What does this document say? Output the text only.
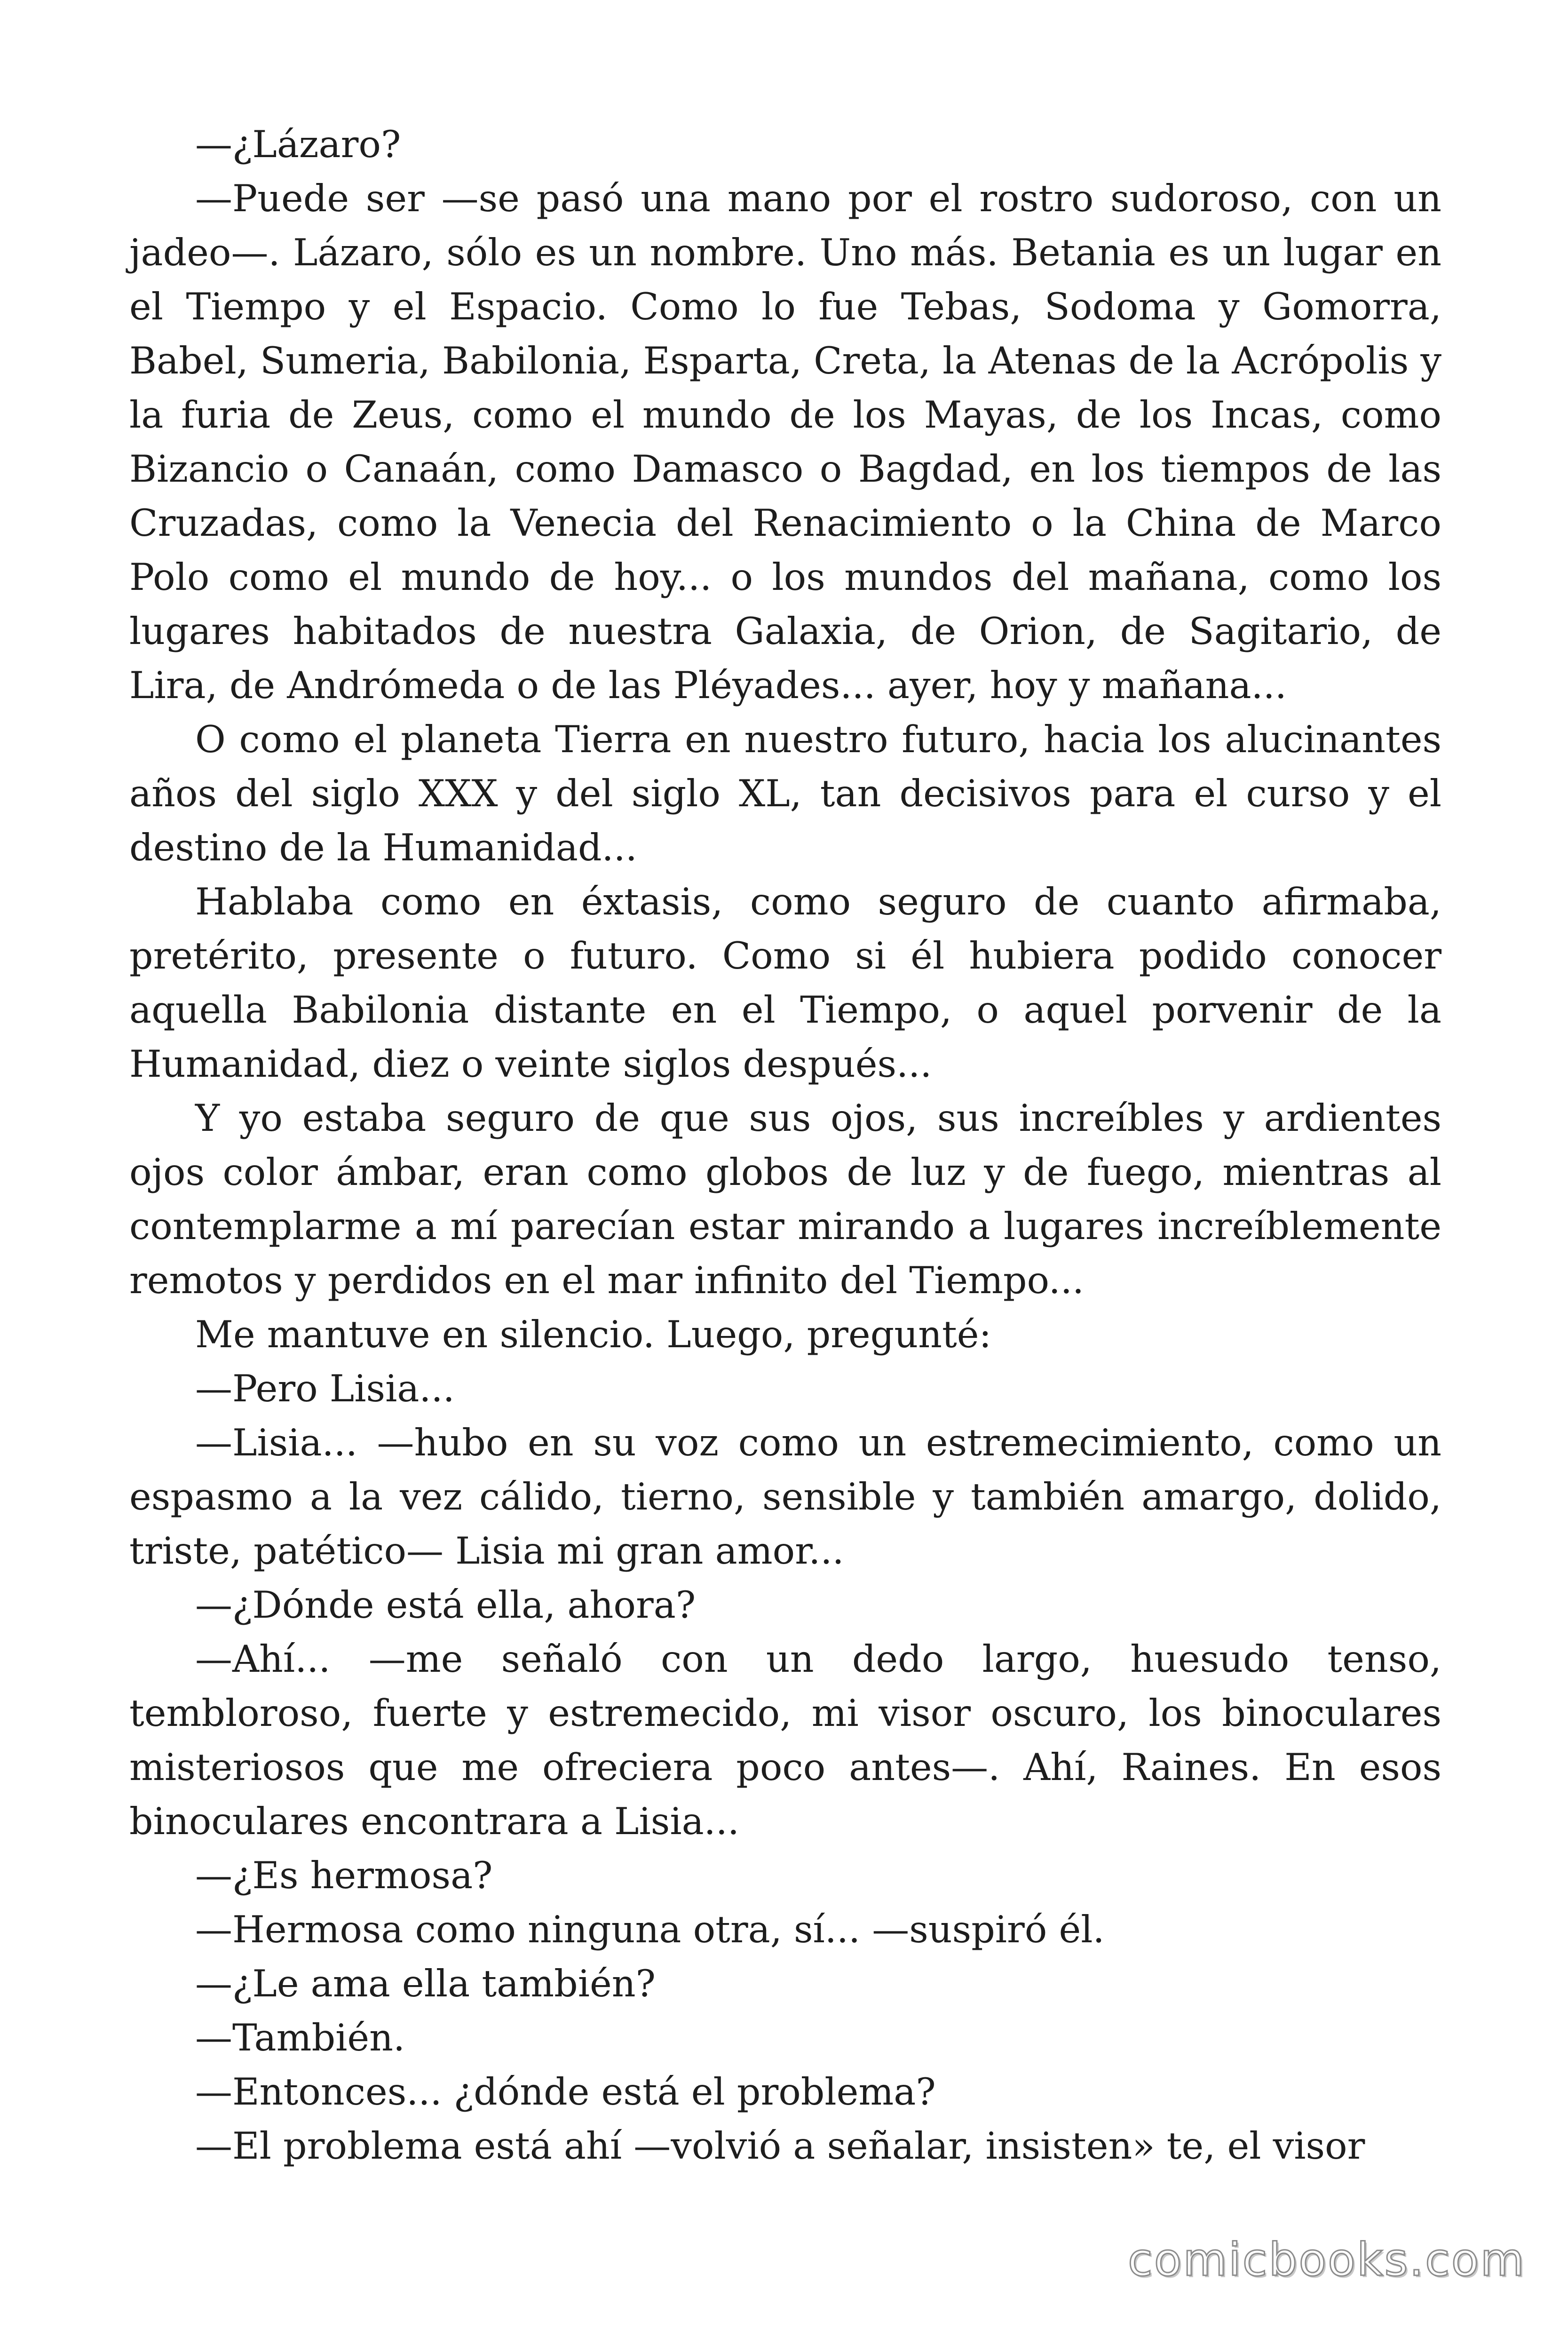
—¿Lázaro?

—Puede ser —se pasó una mano por el rostro sudoroso, con un jadeo—. Lázaro, sólo es un nombre. Uno más. Betania es un lugar en el Tiempo y el Espacio. Como lo fue Tebas, Sodoma y Gomorra, Babel, Sumeria, Babilonia, Esparta, Creta, la Atenas de la Acrópolis y la furia de Zeus, como el mundo de los Mayas, de los Incas, como Bizancio o Canaán, como Damasco o Bagdad, en los tiempos de las Cruzadas, como la Venecia del Renacimiento o la China de Marco Polo como el mundo de hoy... o los mundos del mañana, como los lugares habitados de nuestra Galaxia, de Orion, de Sagitario, de Lira, de Andrómeda o de las Pléyades... ayer, hoy y mañana...

O como el planeta Tierra en nuestro futuro, hacia los alucinantes años del siglo XXX y del siglo XL, tan decisivos para el curso y el destino de la Humanidad...

Hablaba como en éxtasis, como seguro de cuanto afirmaba, pretérito, presente o futuro. Como si él hubiera podido conocer aquella Babilonia distante en el Tiempo, o aquel porvenir de la Humanidad, diez o veinte siglos después...

Y yo estaba seguro de que sus ojos, sus increíbles y ardientes ojos color ámbar, eran como globos de luz y de fuego, mientras al contemplarme a mí parecían estar mirando a lugares increíblemente remotos y perdidos en el mar infinito del Tiempo...

Me mantuve en silencio. Luego, pregunté:

—Pero Lisia...

—Lisia... —hubo en su voz como un estremecimiento, como un espasmo a la vez cálido, tierno, sensible y también amargo, dolido, triste, patético— Lisia mi gran amor...

—¿Dónde está ella, ahora?

—Ahí... —me señaló con un dedo largo, huesudo tenso, tembloroso, fuerte y estremecido, mi visor oscuro, los binoculares misteriosos que me ofreciera poco antes—. Ahí, Raines. En esos binoculares encontrara a Lisia...

—¿Es hermosa?

—Hermosa como ninguna otra, sí... —suspiró él.

—¿Le ama ella también?

—También.

—Entonces... ¿dónde está el problema?

—El problema está ahí —volvió a señalar, insisten» te, el visor

comicbooks.com
